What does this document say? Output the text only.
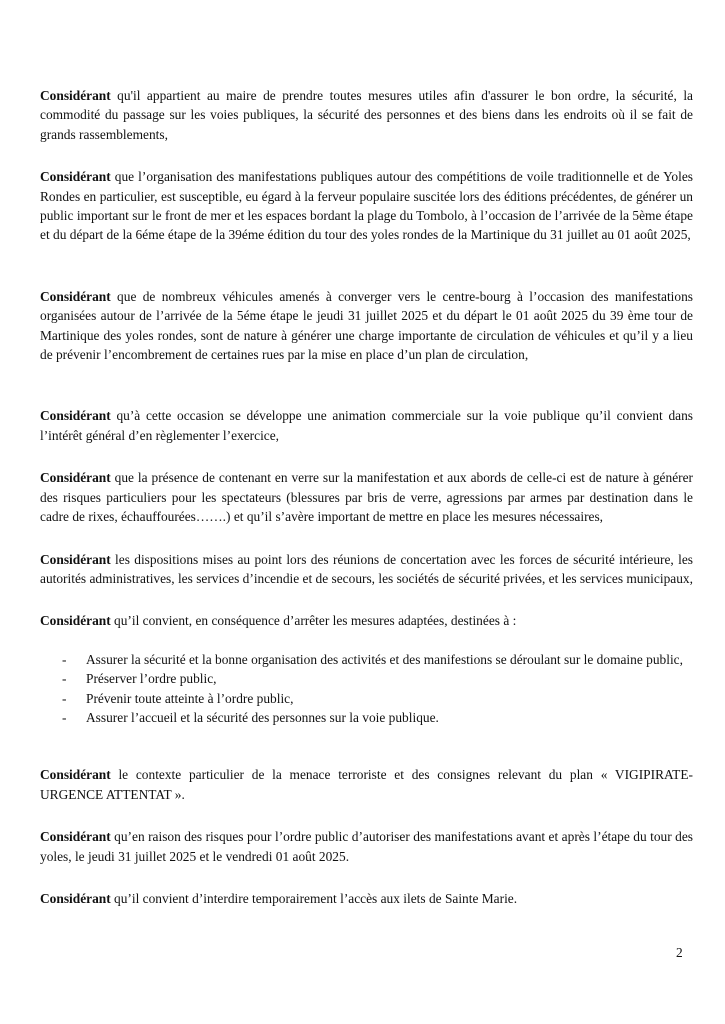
Considérant qu'il appartient au maire de prendre toutes mesures utiles afin d'assurer le bon ordre, la sécurité, la commodité du passage sur les voies publiques, la sécurité des personnes et des biens dans les endroits où il se fait de grands rassemblements,

Considérant que l’organisation des manifestations publiques autour des compétitions de voile traditionnelle et de Yoles Rondes en particulier, est susceptible, eu égard à la ferveur populaire suscitée lors des éditions précédentes, de générer un public important sur le front de mer et les espaces bordant la plage du Tombolo, à l’occasion de l’arrivée de la 5ème étape et du départ de la 6éme étape de la 39éme édition du tour des yoles rondes de la Martinique du 31 juillet au 01 août 2025,

Considérant que de nombreux véhicules amenés à converger vers le centre-bourg à l’occasion des manifestations organisées autour de l’arrivée de la 5éme étape le jeudi 31 juillet 2025 et du départ le 01 août 2025 du 39 ème tour de Martinique des yoles rondes, sont de nature à générer une charge importante de circulation de véhicules et qu’il y a lieu de prévenir l’encombrement de certaines rues par la mise en place d’un plan de circulation,

Considérant qu’à cette occasion se développe une animation commerciale sur la voie publique qu’il convient dans l’intérêt général d’en règlementer l’exercice,

Considérant que la présence de contenant en verre sur la manifestation et aux abords de celle-ci est de nature à générer des risques particuliers pour les spectateurs (blessures par bris de verre, agressions par armes par destination dans le cadre de rixes, échauffourées…….) et qu’il s’avère important de mettre en place les mesures nécessaires,

Considérant les dispositions mises au point lors des réunions de concertation avec les forces de sécurité intérieure, les autorités administratives, les services d’incendie et de secours, les sociétés de sécurité privées, et les services municipaux,

Considérant qu’il convient, en conséquence d’arrêter les mesures adaptées, destinées à :

- Assurer la sécurité et la bonne organisation des activités et des manifestions se déroulant sur le domaine public,
- Préserver l’ordre public,
- Prévenir toute atteinte à l’ordre public,
- Assurer l’accueil et la sécurité des personnes sur la voie publique.

Considérant le contexte particulier de la menace terroriste et des consignes relevant du plan « VIGIPIRATE- URGENCE ATTENTAT ».

Considérant qu’en raison des risques pour l’ordre public d’autoriser des manifestations avant et après l’étape du tour des yoles, le jeudi 31 juillet 2025 et le vendredi 01 août 2025.

Considérant qu’il convient d’interdire temporairement l’accès aux ilets de Sainte Marie.

2
